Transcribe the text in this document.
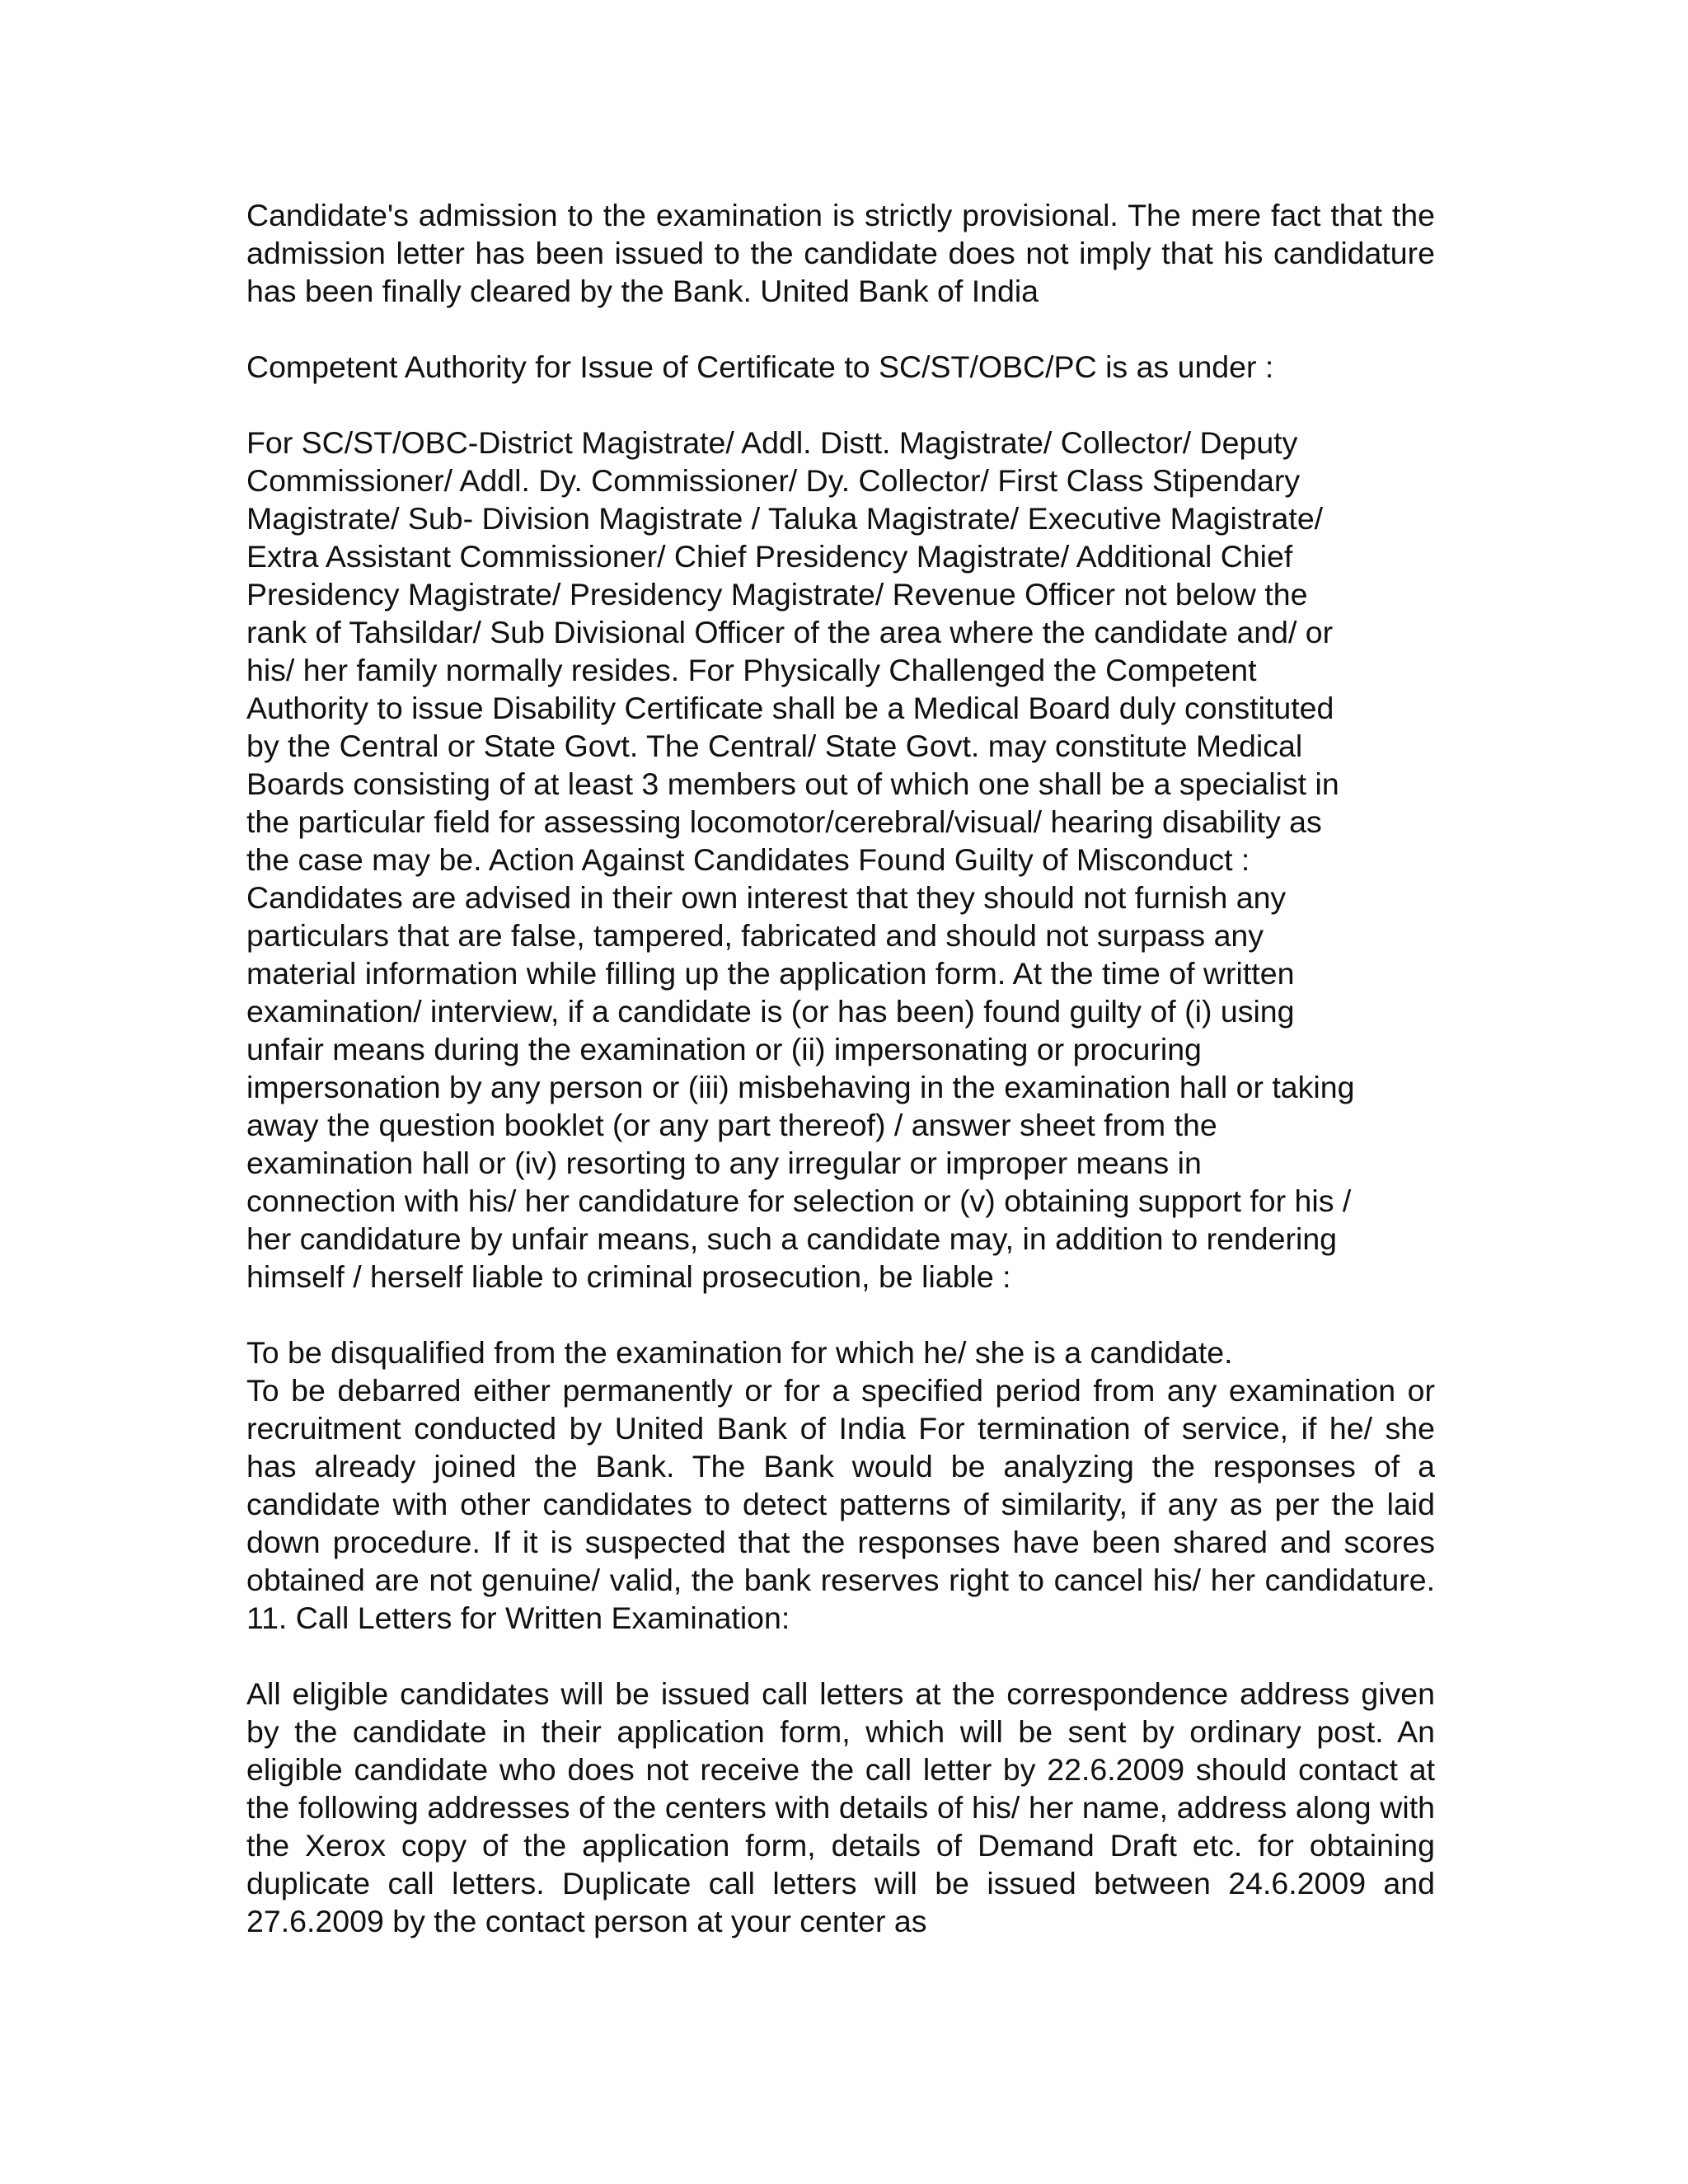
Candidate's admission to the examination is strictly provisional. The mere fact that the admission letter has been issued to the candidate does not imply that his candidature has been finally cleared by the Bank. United Bank of India

Competent Authority for Issue of Certificate to SC/ST/OBC/PC is as under :

For SC/ST/OBC-District Magistrate/ Addl. Distt. Magistrate/ Collector/ Deputy
Commissioner/ Addl. Dy. Commissioner/ Dy. Collector/ First Class Stipendary
Magistrate/ Sub- Division Magistrate / Taluka Magistrate/ Executive Magistrate/
Extra Assistant Commissioner/ Chief Presidency Magistrate/ Additional Chief
Presidency Magistrate/ Presidency Magistrate/ Revenue Officer not below the
rank of Tahsildar/ Sub Divisional Officer of the area where the candidate and/ or
his/ her family normally resides. For Physically Challenged the Competent
Authority to issue Disability Certificate shall be a Medical Board duly constituted
by the Central or State Govt. The Central/ State Govt. may constitute Medical
Boards consisting of at least 3 members out of which one shall be a specialist in
the particular field for assessing locomotor/cerebral/visual/ hearing disability as
the case may be. Action Against Candidates Found Guilty of Misconduct :
Candidates are advised in their own interest that they should not furnish any
particulars that are false, tampered, fabricated and should not surpass any
material information while filling up the application form. At the time of written
examination/ interview, if a candidate is (or has been) found guilty of (i) using
unfair means during the examination or (ii) impersonating or procuring
impersonation by any person or (iii) misbehaving in the examination hall or taking
away the question booklet (or any part thereof) / answer sheet from the
examination hall or (iv) resorting to any irregular or improper means in
connection with his/ her candidature for selection or (v) obtaining support for his /
her candidature by unfair means, such a candidate may, in addition to rendering
himself / herself liable to criminal prosecution, be liable :

To be disqualified from the examination for which he/ she is a candidate.

To be debarred either permanently or for a specified period from any examination or recruitment conducted by United Bank of India For termination of service, if he/ she has already joined the Bank. The Bank would be analyzing the responses of a candidate with other candidates to detect patterns of similarity, if any as per the laid down procedure. If it is suspected that the responses have been shared and scores obtained are not genuine/ valid, the bank reserves right to cancel his/ her candidature. 11. Call Letters for Written Examination:

All eligible candidates will be issued call letters at the correspondence address given by the candidate in their application form, which will be sent by ordinary post. An eligible candidate who does not receive the call letter by 22.6.2009 should contact at the following addresses of the centers with details of his/ her name, address along with the Xerox copy of the application form, details of Demand Draft etc. for obtaining duplicate call letters. Duplicate call letters will be issued between 24.6.2009 and 27.6.2009 by the contact person at your center as
